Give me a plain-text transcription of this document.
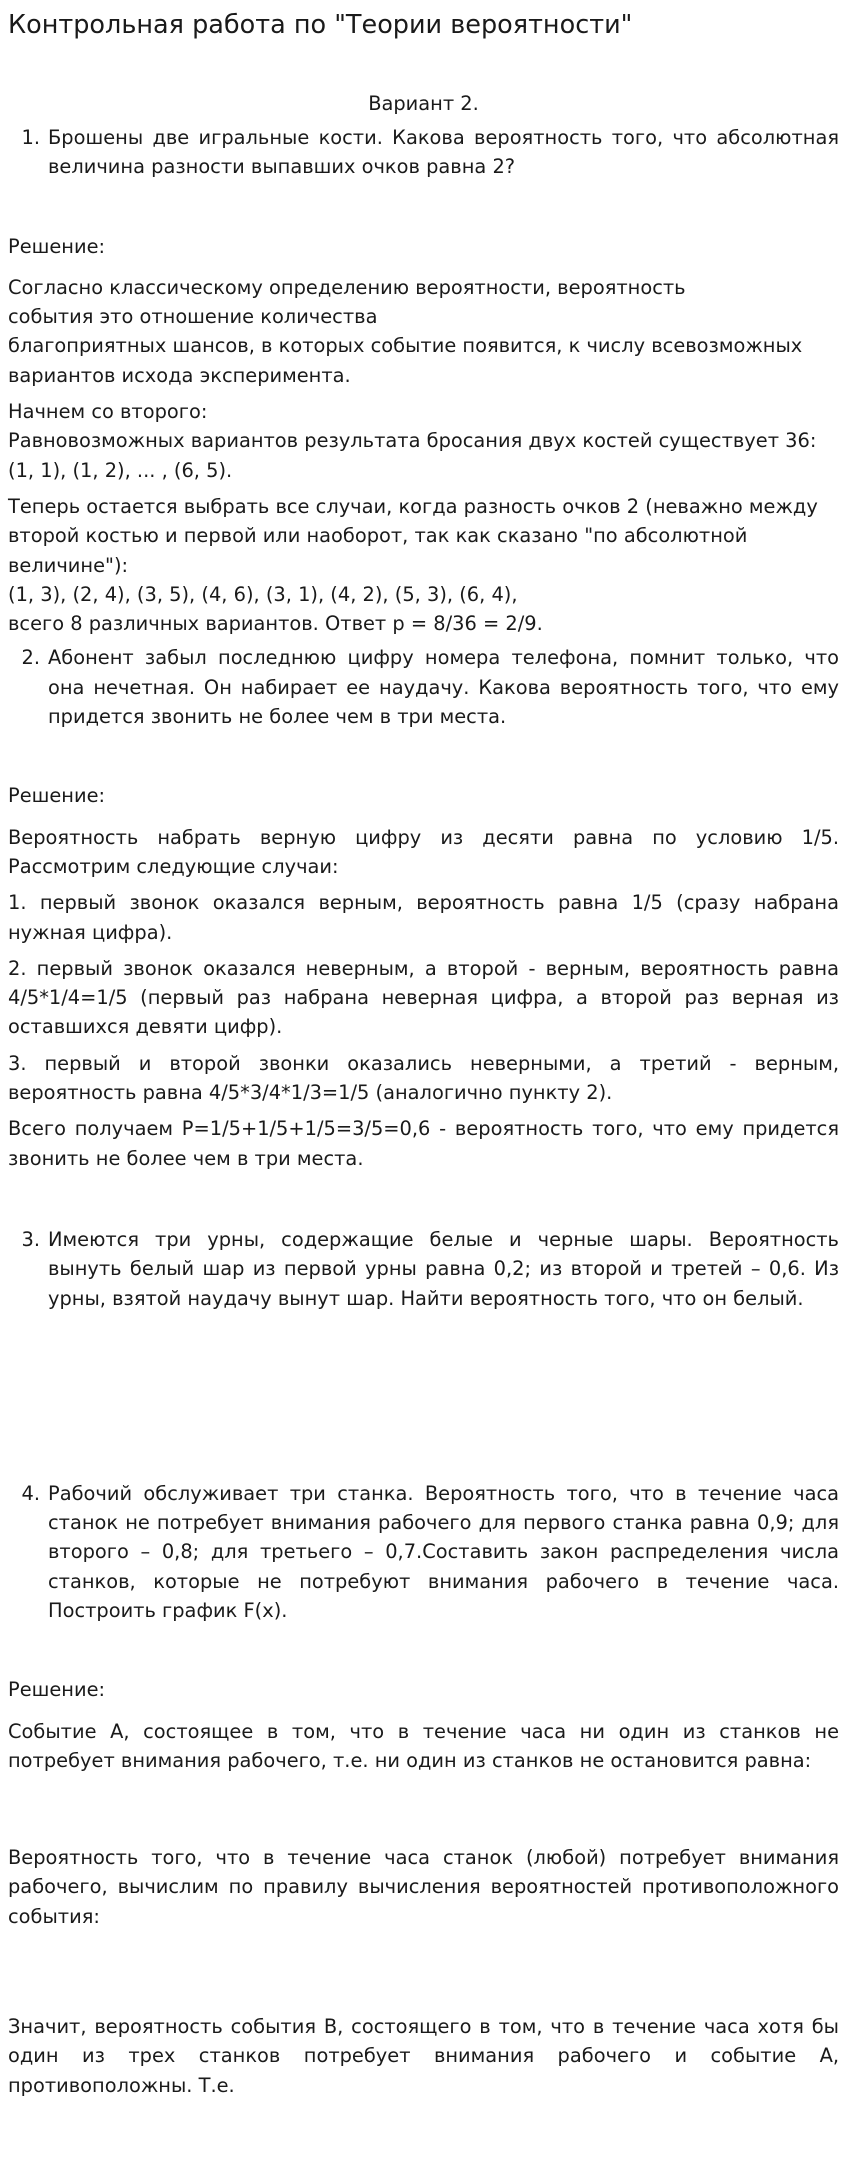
Контрольная работа по "Теории вероятности"
Вариант 2.
1. Брошены две игральные кости. Какова вероятность того, что абсолютная величина разности выпавших очков равна 2?
Решение:

Согласно классическому определению вероятности, вероятность

события это отношение количества

благоприятных шансов, в которых событие появится, к числу всевозможных

вариантов исхода эксперимента.

Начнем со второго:

Равновозможных вариантов результата бросания двух костей существует 36:

(1, 1), (1, 2), ... , (6, 5).

Теперь остается выбрать все случаи, когда разность очков 2 (неважно между

второй костью и первой или наоборот, так как сказано "по абсолютной

величине"):

(1, 3), (2, 4), (3, 5), (4, 6), (3, 1), (4, 2), (5, 3), (6, 4),

всего 8 различных вариантов. Ответ p = 8/36 = 2/9.

2. Абонент забыл последнюю цифру номера телефона, помнит только, что она нечетная. Он набирает ее наудачу. Какова вероятность того, что ему придется звонить не более чем в три места.
Решение:

Вероятность набрать верную цифру из десяти равна по условию 1/5. Рассмотрим следующие случаи:

1. первый звонок оказался верным, вероятность равна 1/5 (сразу набрана нужная цифра).

2. первый звонок оказался неверным, а второй - верным, вероятность равна 4/5*1/4=1/5 (первый раз набрана неверная цифра, а второй раз верная из оставшихся девяти цифр).

3. первый и второй звонки оказались неверными, а третий - верным, вероятность равна 4/5*3/4*1/3=1/5 (аналогично пункту 2).

Всего получаем P=1/5+1/5+1/5=3/5=0,6 - вероятность того, что ему придется звонить не более чем в три места.

3. Имеются три урны, содержащие белые и черные шары. Вероятность вынуть белый шар из первой урны равна 0,2; из второй и третей – 0,6. Из урны, взятой наудачу вынут шар. Найти вероятность того, что он белый.
4. Рабочий обслуживает три станка. Вероятность того, что в течение часа станок не потребует внимания рабочего для первого станка равна 0,9; для второго – 0,8; для третьего – 0,7.Составить закон распределения числа станков, которые не потребуют внимания рабочего в течение часа. Построить график F(x).
Решение:

Событие A, состоящее в том, что в течение часа ни один из станков не потребует внимания рабочего, т.е. ни один из станков не остановится равна:

Вероятность того, что в течение часа станок (любой) потребует внимания рабочего, вычислим по правилу вычисления вероятностей противоположного события:

Значит, вероятность события B, состоящего в том, что в течение часа хотя бы один из трех станков потребует внимания рабочего и событие A, противоположны. Т.е.
